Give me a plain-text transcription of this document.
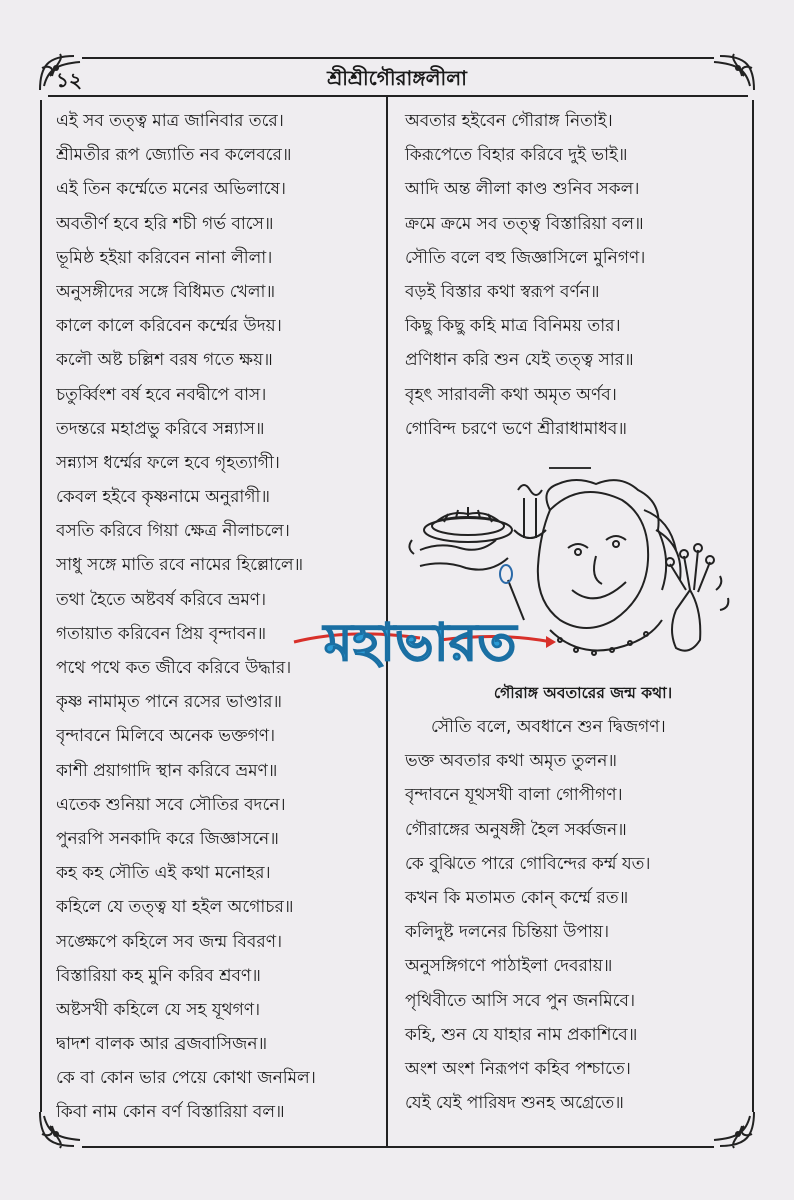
১২	শ্রীশ্রীগৌরাঙ্গলীলা
এই সব তত্ত্ব মাত্র জানিবার তরে।
শ্রীমতীর রূপ জ্যোতি নব কলেবরে॥
এই তিন কর্ম্মেতে মনের অভিলাষে।
অবতীর্ণ হবে হরি শচী গর্ভ বাসে॥
ভূমিষ্ঠ হইয়া করিবেন নানা লীলা।
অনুসঙ্গীদের সঙ্গে বিধিমত খেলা॥
কালে কালে করিবেন কর্ম্মের উদয়।
কলৌ অষ্ট চল্লিশ বরষ গতে ক্ষয়॥
চতুর্ব্বিংশ বর্ষ হবে নবদ্বীপে বাস।
তদন্তরে মহাপ্রভু করিবে সন্ন্যাস॥
সন্ন্যাস ধর্ম্মের ফলে হবে গৃহত্যাগী।
কেবল হইবে কৃষ্ণনামে অনুরাগী॥
বসতি করিবে গিয়া ক্ষেত্র নীলাচলে।
সাধু সঙ্গে মাতি রবে নামের হিল্লোলে॥
তথা হৈতে অষ্টবর্ষ করিবে ভ্রমণ।
গতায়াত করিবেন প্রিয় বৃন্দাবন॥
পথে পথে কত জীবে করিবে উদ্ধার।
কৃষ্ণ নামামৃত পানে রসের ভাণ্ডার॥
বৃন্দাবনে মিলিবে অনেক ভক্তগণ।
কাশী প্রয়াগাদি স্থান করিবে ভ্রমণ॥
এতেক শুনিয়া সবে সৌতির বদনে।
পুনরপি সনকাদি করে জিজ্ঞাসনে॥
কহ কহ সৌতি এই কথা মনোহর।
কহিলে যে তত্ত্ব যা হইল অগোচর॥
সঙ্ক্ষেপে কহিলে সব জন্ম বিবরণ।
বিস্তারিয়া কহ মুনি করিব শ্রবণ॥
অষ্টসখী কহিলে যে সহ যূথগণ।
দ্বাদশ বালক আর ব্রজবাসিজন॥
কে বা কোন ভার পেয়ে কোথা জনমিল।
কিবা নাম কোন বর্ণ বিস্তারিয়া বল॥
অবতার হইবেন গৌরাঙ্গ নিতাই।
কিরূপেতে বিহার করিবে দুই ভাই॥
আদি অন্ত লীলা কাণ্ড শুনিব সকল।
ক্রমে ক্রমে সব তত্ত্ব বিস্তারিয়া বল॥
সৌতি বলে বহু জিজ্ঞাসিলে মুনিগণ।
বড়ই বিস্তার কথা স্বরূপ বর্ণন॥
কিছু কিছু কহি মাত্র বিনিময় তার।
প্রণিধান করি শুন যেই তত্ত্ব সার॥
বৃহৎ সারাবলী কথা অমৃত অর্ণব।
গোবিন্দ চরণে ভণে শ্রীরাধামাধব॥
মহাভারত
গৌরাঙ্গ অবতারের জন্ম কথা।
সৌতি বলে, অবধানে শুন দ্বিজগণ।
ভক্ত অবতার কথা অমৃত তুলন॥
বৃন্দাবনে যূথসখী বালা গোপীগণ।
গৌরাঙ্গের অনুষঙ্গী হৈল সর্ব্বজন॥
কে বুঝিতে পারে গোবিন্দের কর্ম্ম যত।
কখন কি মতামত কোন্ কর্ম্মে রত॥
কলিদুষ্ট দলনের চিন্তিয়া উপায়।
অনুসঙ্গিগণে পাঠাইলা দেবরায়॥
পৃথিবীতে আসি সবে পুন জনমিবে।
কহি, শুন যে যাহার নাম প্রকাশিবে॥
অংশ অংশ নিরূপণ কহিব পশ্চাতে।
যেই যেই পারিষদ শুনহ অগ্রেতে॥
